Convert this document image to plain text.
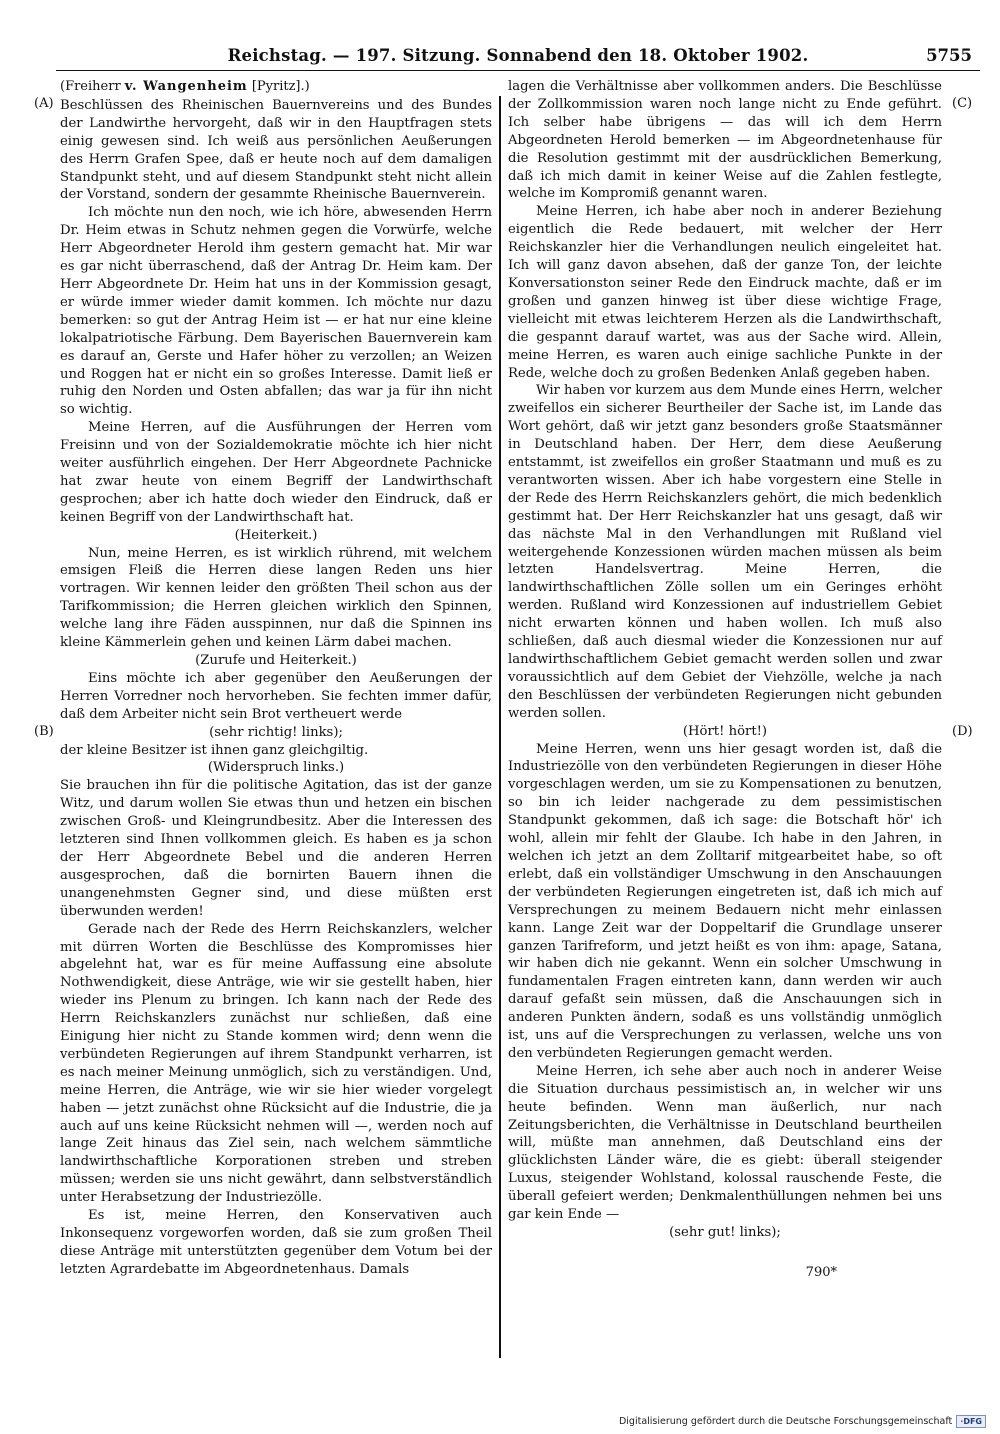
Reichstag. — 197. Sitzung. Sonnabend den 18. Oktober 1902.	5755
(A)
(B)
(C)
(D)

(Freiherr v. Wangenheim [Pyritz].)

Beschlüssen des Rheinischen Bauernvereins und des Bundes der Landwirthe hervorgeht, daß wir in den Hauptfragen stets einig gewesen sind. Ich weiß aus persönlichen Aeußerungen des Herrn Grafen Spee, daß er heute noch auf dem damaligen Standpunkt steht, und auf diesem Standpunkt steht nicht allein der Vorstand, sondern der gesammte Rheinische Bauernverein.

Ich möchte nun den noch, wie ich höre, abwesenden Herrn Dr. Heim etwas in Schutz nehmen gegen die Vorwürfe, welche Herr Abgeordneter Herold ihm gestern gemacht hat. Mir war es gar nicht überraschend, daß der Antrag Dr. Heim kam. Der Herr Abgeordnete Dr. Heim hat uns in der Kommission gesagt, er würde immer wieder damit kommen. Ich möchte nur dazu bemerken: so gut der Antrag Heim ist — er hat nur eine kleine lokalpatriotische Färbung. Dem Bayerischen Bauernverein kam es darauf an, Gerste und Hafer höher zu verzollen; an Weizen und Roggen hat er nicht ein so großes Interesse. Damit ließ er ruhig den Norden und Osten abfallen; das war ja für ihn nicht so wichtig.

Meine Herren, auf die Ausführungen der Herren vom Freisinn und von der Sozialdemokratie möchte ich hier nicht weiter ausführlich eingehen. Der Herr Abgeordnete Pachnicke hat zwar heute von einem Begriff der Landwirthschaft gesprochen; aber ich hatte doch wieder den Eindruck, daß er keinen Begriff von der Landwirthschaft hat.

(Heiterkeit.)

Nun, meine Herren, es ist wirklich rührend, mit welchem emsigen Fleiß die Herren diese langen Reden uns hier vortragen. Wir kennen leider den größten Theil schon aus der Tarifkommission; die Herren gleichen wirklich den Spinnen, welche lang ihre Fäden ausspinnen, nur daß die Spinnen ins kleine Kämmerlein gehen und keinen Lärm dabei machen.

(Zurufe und Heiterkeit.)

Eins möchte ich aber gegenüber den Aeußerungen der Herren Vorredner noch hervorheben. Sie fechten immer dafür, daß dem Arbeiter nicht sein Brot vertheuert werde

(sehr richtig! links);

der kleine Besitzer ist ihnen ganz gleichgiltig.

(Widerspruch links.)

Sie brauchen ihn für die politische Agitation, das ist der ganze Witz, und darum wollen Sie etwas thun und hetzen ein bischen zwischen Groß- und Kleingrundbesitz. Aber die Interessen des letzteren sind Ihnen vollkommen gleich. Es haben es ja schon der Herr Abgeordnete Bebel und die anderen Herren ausgesprochen, daß die bornirten Bauern ihnen die unangenehmsten Gegner sind, und diese müßten erst überwunden werden!

Gerade nach der Rede des Herrn Reichskanzlers, welcher mit dürren Worten die Beschlüsse des Kompromisses hier abgelehnt hat, war es für meine Auffassung eine absolute Nothwendigkeit, diese Anträge, wie wir sie gestellt haben, hier wieder ins Plenum zu bringen. Ich kann nach der Rede des Herrn Reichskanzlers zunächst nur schließen, daß eine Einigung hier nicht zu Stande kommen wird; denn wenn die verbündeten Regierungen auf ihrem Standpunkt verharren, ist es nach meiner Meinung unmöglich, sich zu verständigen. Und, meine Herren, die Anträge, wie wir sie hier wieder vorgelegt haben — jetzt zunächst ohne Rücksicht auf die Industrie, die ja auch auf uns keine Rücksicht nehmen will —, werden noch auf lange Zeit hinaus das Ziel sein, nach welchem sämmtliche landwirthschaftliche Korporationen streben und streben müssen; werden sie uns nicht gewährt, dann selbstverständlich unter Herabsetzung der Industriezölle.

Es ist, meine Herren, den Konservativen auch Inkonsequenz vorgeworfen worden, daß sie zum großen Theil diese Anträge mit unterstützten gegenüber dem Votum bei der letzten Agrardebatte im Abgeordnetenhaus. Damals

lagen die Verhältnisse aber vollkommen anders. Die Beschlüsse der Zollkommission waren noch lange nicht zu Ende geführt. Ich selber habe übrigens — das will ich dem Herrn Abgeordneten Herold bemerken — im Abgeordnetenhause für die Resolution gestimmt mit der ausdrücklichen Bemerkung, daß ich mich damit in keiner Weise auf die Zahlen festlegte, welche im Kompromiß genannt waren.

Meine Herren, ich habe aber noch in anderer Beziehung eigentlich die Rede bedauert, mit welcher der Herr Reichskanzler hier die Verhandlungen neulich eingeleitet hat. Ich will ganz davon absehen, daß der ganze Ton, der leichte Konversationston seiner Rede den Eindruck machte, daß er im großen und ganzen hinweg ist über diese wichtige Frage, vielleicht mit etwas leichterem Herzen als die Landwirthschaft, die gespannt darauf wartet, was aus der Sache wird. Allein, meine Herren, es waren auch einige sachliche Punkte in der Rede, welche doch zu großen Bedenken Anlaß gegeben haben.

Wir haben vor kurzem aus dem Munde eines Herrn, welcher zweifellos ein sicherer Beurtheiler der Sache ist, im Lande das Wort gehört, daß wir jetzt ganz besonders große Staatsmänner in Deutschland haben. Der Herr, dem diese Aeußerung entstammt, ist zweifellos ein großer Staatmann und muß es zu verantworten wissen. Aber ich habe vorgestern eine Stelle in der Rede des Herrn Reichskanzlers gehört, die mich bedenklich gestimmt hat. Der Herr Reichskanzler hat uns gesagt, daß wir das nächste Mal in den Verhandlungen mit Rußland viel weitergehende Konzessionen würden machen müssen als beim letzten Handelsvertrag. Meine Herren, die landwirthschaftlichen Zölle sollen um ein Geringes erhöht werden. Rußland wird Konzessionen auf industriellem Gebiet nicht erwarten können und haben wollen. Ich muß also schließen, daß auch diesmal wieder die Konzessionen nur auf landwirthschaftlichem Gebiet gemacht werden sollen und zwar voraussichtlich auf dem Gebiet der Viehzölle, welche ja nach den Beschlüssen der verbündeten Regierungen nicht gebunden werden sollen.

(Hört! hört!)

Meine Herren, wenn uns hier gesagt worden ist, daß die Industriezölle von den verbündeten Regierungen in dieser Höhe vorgeschlagen werden, um sie zu Kompensationen zu benutzen, so bin ich leider nachgerade zu dem pessimistischen Standpunkt gekommen, daß ich sage: die Botschaft hör' ich wohl, allein mir fehlt der Glaube. Ich habe in den Jahren, in welchen ich jetzt an dem Zolltarif mitgearbeitet habe, so oft erlebt, daß ein vollständiger Umschwung in den Anschauungen der verbündeten Regierungen eingetreten ist, daß ich mich auf Versprechungen zu meinem Bedauern nicht mehr einlassen kann. Lange Zeit war der Doppeltarif die Grundlage unserer ganzen Tarifreform, und jetzt heißt es von ihm: apage, Satana, wir haben dich nie gekannt. Wenn ein solcher Umschwung in fundamentalen Fragen eintreten kann, dann werden wir auch darauf gefaßt sein müssen, daß die Anschauungen sich in anderen Punkten ändern, sodaß es uns vollständig unmöglich ist, uns auf die Versprechungen zu verlassen, welche uns von den verbündeten Regierungen gemacht werden.

Meine Herren, ich sehe aber auch noch in anderer Weise die Situation durchaus pessimistisch an, in welcher wir uns heute befinden. Wenn man äußerlich, nur nach Zeitungsberichten, die Verhältnisse in Deutschland beurtheilen will, müßte man annehmen, daß Deutschland eins der glücklichsten Länder wäre, die es giebt: überall steigender Luxus, steigender Wohlstand, kolossal rauschende Feste, die überall gefeiert werden; Denkmalenthüllungen nehmen bei uns gar kein Ende —

(sehr gut! links);

790*

Digitalisierung gefördert durch die Deutsche Forschungsgemeinschaft	·DFG
